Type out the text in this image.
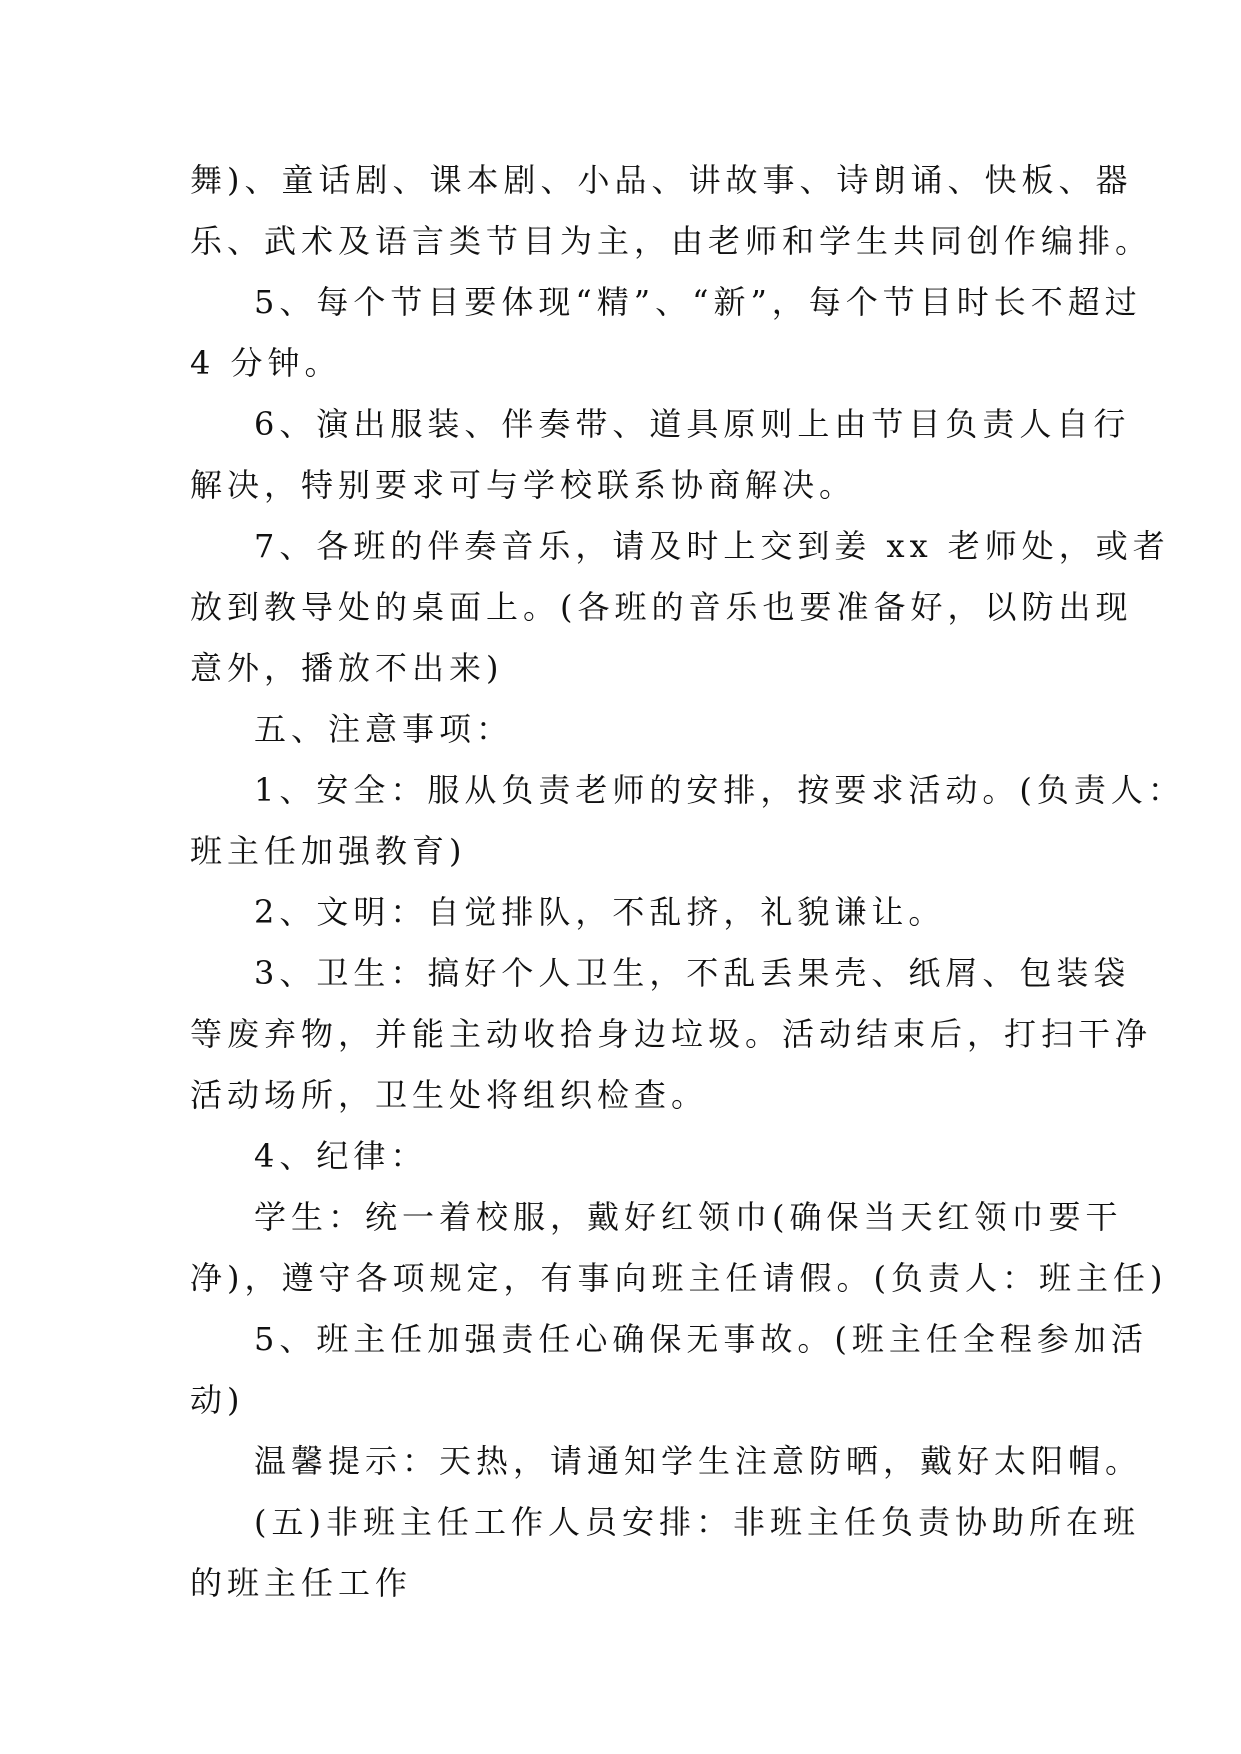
舞)、童话剧、课本剧、小品、讲故事、诗朗诵、快板、器
乐、武术及语言类节目为主，由老师和学生共同创作编排。
5、每个节目要体现“精”、“新”，每个节目时长不超过
4 分钟。
6、演出服装、伴奏带、道具原则上由节目负责人自行
解决，特别要求可与学校联系协商解决。
7、各班的伴奏音乐，请及时上交到姜 xx 老师处，或者
放到教导处的桌面上。(各班的音乐也要准备好，以防出现
意外，播放不出来)
五、注意事项：
1、安全：服从负责老师的安排，按要求活动。(负责人：
班主任加强教育)
2、文明：自觉排队，不乱挤，礼貌谦让。
3、卫生：搞好个人卫生，不乱丢果壳、纸屑、包装袋
等废弃物，并能主动收拾身边垃圾。活动结束后，打扫干净
活动场所，卫生处将组织检查。
4、纪律：
学生：统一着校服，戴好红领巾(确保当天红领巾要干
净)，遵守各项规定，有事向班主任请假。(负责人：班主任)
5、班主任加强责任心确保无事故。(班主任全程参加活
动)
温馨提示：天热，请通知学生注意防晒，戴好太阳帽。
(五)非班主任工作人员安排：非班主任负责协助所在班
的班主任工作
